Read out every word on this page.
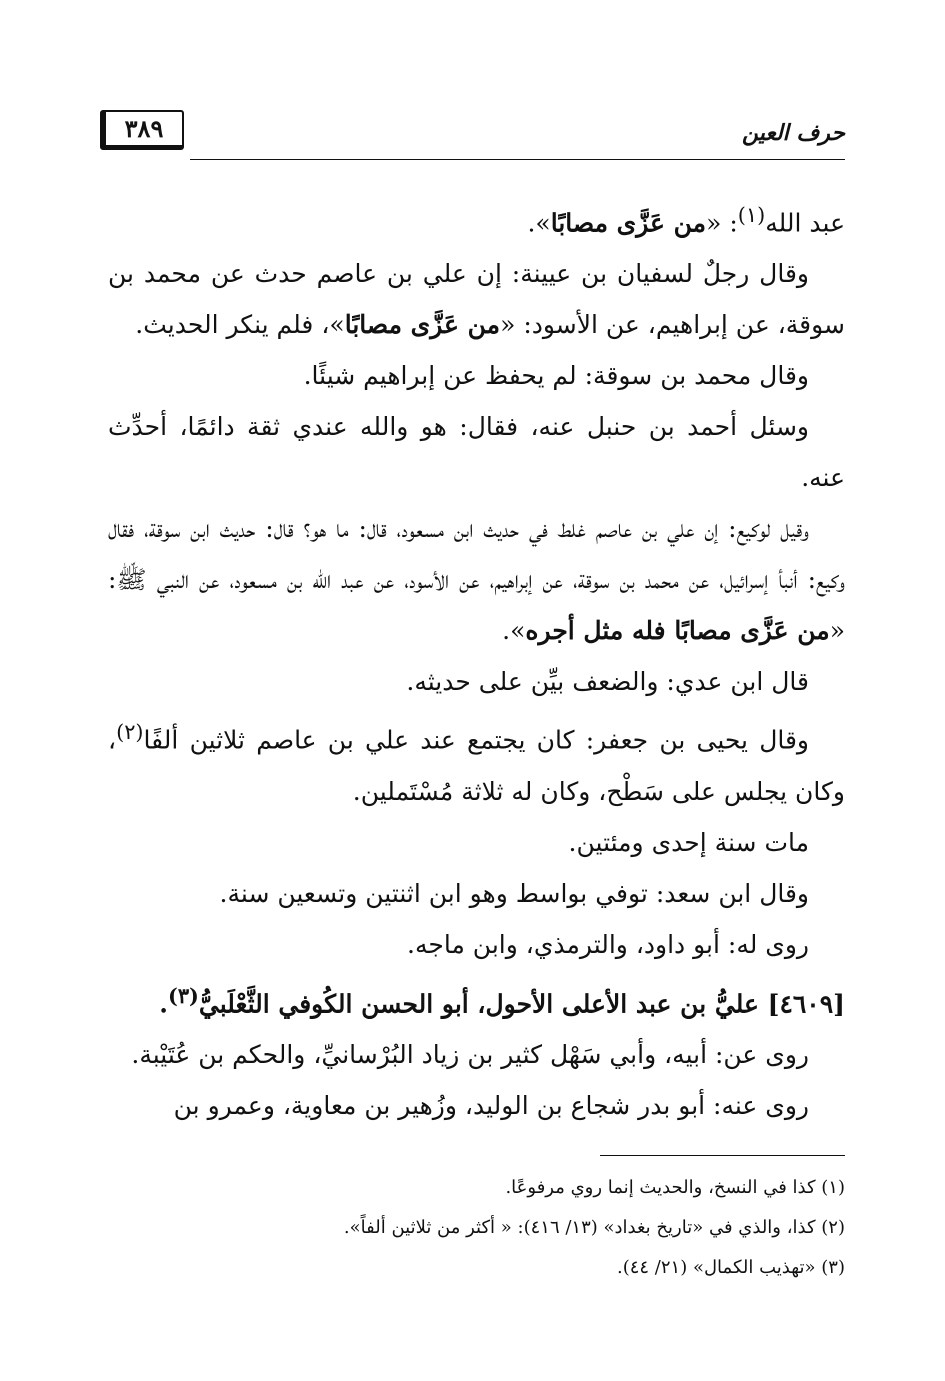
٣٨٩	حرف العين

عبد الله$^{(١)}$: «من عَزَّى مصابًا».

وقال رجلٌ لسفيان بن عيينة: إن علي بن عاصم حدث عن محمد بن سوقة، عن إبراهيم، عن الأسود: «من عَزَّى مصابًا»، فلم ينكر الحديث.

وقال محمد بن سوقة: لم يحفظ عن إبراهيم شيئًا.

وسئل أحمد بن حنبل عنه، فقال: هو والله عندي ثقة دائمًا، أحدِّث عنه.

وقيل لوكيع: إن علي بن عاصم غلط في حديث ابن مسعود، قال: ما هو؟ قال: حديث ابن سوقة، فقال وكيع: أنبأ إسرائيل، عن محمد بن سوقة، عن إبراهيم، عن الأسود، عن عبد الله بن مسعود، عن النبي ﷺ: «من عَزَّى مصابًا فله مثل أجره».

قال ابن عدي: والضعف بيِّن على حديثه.

وقال يحيى بن جعفر: كان يجتمع عند علي بن عاصم ثلاثين ألفًا$^{(٢)}$، وكان يجلس على سَطْح، وكان له ثلاثة مُسْتَملين.

مات سنة إحدى ومئتين.

وقال ابن سعد: توفي بواسط وهو ابن اثنتين وتسعين سنة.

روى له: أبو داود، والترمذي، وابن ماجه.

[٤٦٠٩] عليُّ بن عبد الأعلى الأحول، أبو الحسن الكُوفي الثَّعْلَبيُّ$^{(٣)}$.

روى عن: أبيه، وأبي سَهْل كثير بن زياد البُرْسانيِّ، والحكم بن عُتَيْبة.

روى عنه: أبو بدر شجاع بن الوليد، وزُهير بن معاوية، وعمرو بن

(١) كذا في النسخ، والحديث إنما روي مرفوعًا.

(٢) كذا، والذي في «تاريخ بغداد» (١٣/ ٤١٦): « أكثر من ثلاثين ألفاً».

(٣) «تهذيب الكمال» (٢١/ ٤٤).
